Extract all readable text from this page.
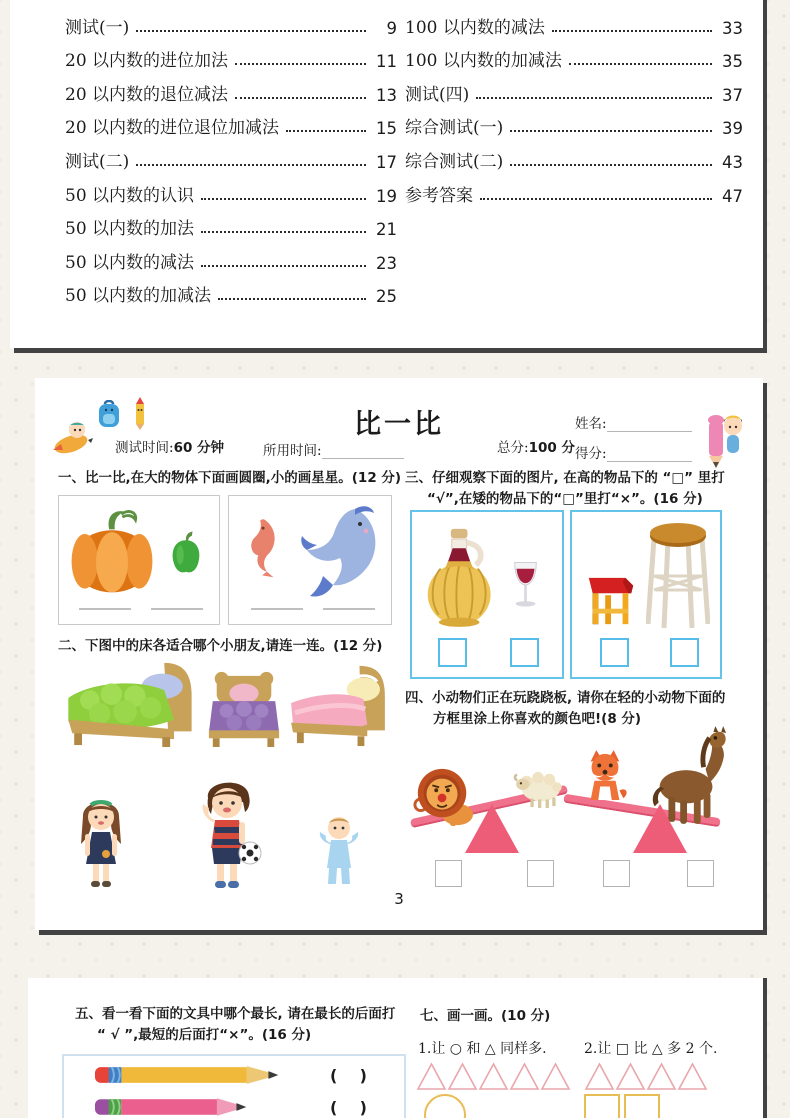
测试(一)	9
20 以内数的进位加法	11
20 以内数的退位减法	13
20 以内数的进位退位加减法	15
测试(二)	17
50 以内数的认识	19
50 以内数的加法	21
50 以内数的减法	23
50 以内数的加减法	25
100 以内数的减法	33
100 以内数的加减法	35
测试(四)	37
综合测试(一)	39
综合测试(二)	43
参考答案	47
比一比
测试时间:60 分钟	所用时间:	总分:100 分
姓名:
得分:
一、比一比,在大的物体下面画圆圈,小的画星星。(12 分)
二、下图中的床各适合哪个小朋友,请连一连。(12 分)
3
三、仔细观察下面的图片, 在高的物品下的 “□” 里打
“√”,在矮的物品下的“□”里打“×”。(16 分)
四、小动物们正在玩跷跷板, 请你在轻的小动物下面的
方框里涂上你喜欢的颜色吧!(8 分)
五、看一看下面的文具中哪个最长, 请在最长的后面打
“ √ ”,最短的后面打“×”。(16 分)
(    )
(    )
七、画一画。(10 分)
1.让 ○ 和 △ 同样多.	2.让 □ 比 △ 多 2 个.
